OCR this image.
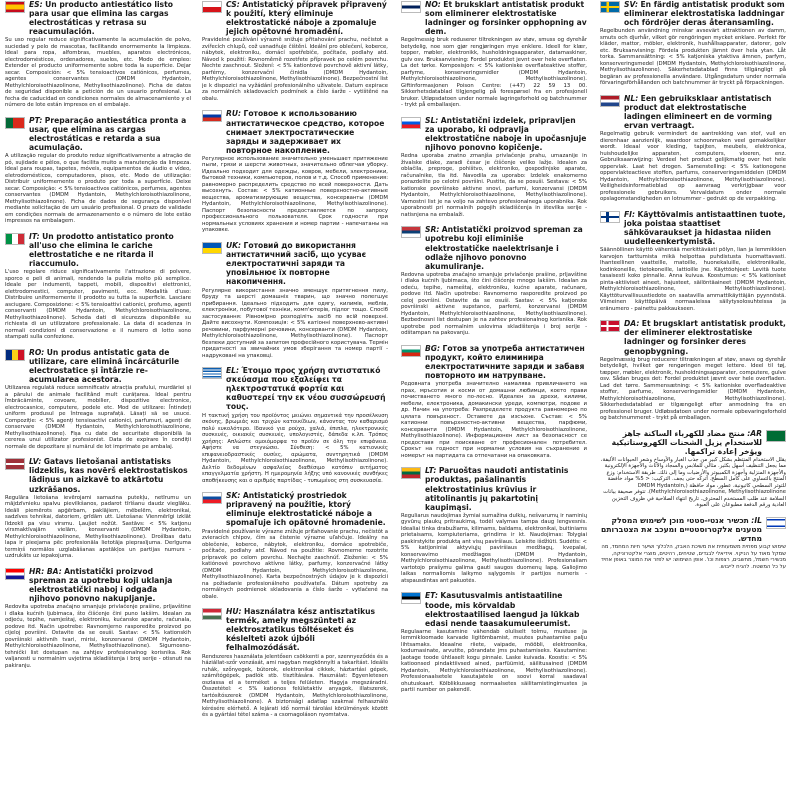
ES: Un producto antiestático listo para usar que elimina las cargas electrostáticas y retrasa su reacumulación.
Su uso regular reduce significativamente la acumulación de polvo, suciedad y pelo de mascotas, facilitando enormemente la limpieza. Ideal para ropa, alfombras, muebles, aparatos electrónicos, electrodomésticos, ordenadores, suelos, etc. Modo de empleo: Extender el producto uniformemente sobre toda la superficie. Dejar secar. Composición: < 5% tensioactivos catiónicos, perfumes, agentes conservantes (DMDM Hydantoin, Methylchloroisothiazolinone, Methylisothiazolinone). Ficha de datos de seguridad disponible a petición de un usuario profesional. La fecha de caducidad en condiciones normales de almacenamiento y el número de lote están impresos en el embalaje.
PT: Preparação antiestática pronta a usar, que elimina as cargas electrostáticas e retarda a sua acumulação.
A utilização regular do produto reduz significativamente a atração de pó, sujidade e pêlos, o que facilita muito a manutenção da limpeza. Ideal para roupas, tapetes, móveis, equipamentos de áudio e vídeo, eletrodomésticos, computadores, pisos, etc. Modo de utilização: Distribuir uniformemente o produto por toda a superfície. Deixe secar. Composição: < 5% tensioactivos catiónicos, perfumes, agentes conservantes (DMDM Hydantoin, Methylchloroisothiazolinone, Methylisothiazolinone). Ficha de dados de segurança disponível mediante solicitação de um usuário profissional. O prazo de validade em condições normais de armazenamento e o número de lote estão impressos na embalagem.
IT: Un prodotto antistatico pronto all'uso che elimina le cariche elettrostatiche e ne ritarda il riaccumulo.
L'uso regolare riduce significativamente l'attrazione di polvere, sporco e peli di animali, rendendo la pulizia molto più semplice. Ideale per indumenti, tappeti, mobili, dispositivi elettronici, elettrodomestici, computer, pavimenti, ecc. Modalità d'uso: Distribuire uniformemente il prodotto su tutta la superficie. Lasciare asciugare. Composizione: < 5% tensioattivi cationici, profumo, agenti conservanti (DMDM Hydantoin, Methylchloroisothiazolinone, Methylisothiazolinone). Scheda dati di sicurezza disponibile su richiesta di un utilizzatore professionale. La data di scadenza in normali condizioni di conservazione e il numero di lotto sono stampati sulla confezione.
RO: Un produs antistatic gata de utilizare, care elimină încărcăturile electrostatice și întârzie re-acumularea acestora.
Utilizarea regulată reduce semnificativ atracția prafului, murdăriei și a părului de animale facilitând mult curățarea. Ideal pentru îmbrăcăminte, covoare, mobilier, dispozitive electronice, electrocasnice, computere, podele etc. Mod de utilizare: Întindeți uniform produsul pe întreaga suprafață. Lăsați să se usuce. Compoziție: < 5% agenți tensioactivi cationici, parfumuri, agenți de conservare (DMDM Hydantoin, Methylchloroisothiazolinone, Methylisothiazolinone). Fișa cu date de securitate disponibilă la cererea unui utilizator profesionist. Data de expirare în condiții normale de depozitare și numărul de lot imprimate pe ambalaj.
LV: Gatavs lietošanai antistatisks līdzeklis, kas novērš elektrostatiskos lādiņus un aizkavē to atkārtotu uzkrāšanos.
Regulāra lietošana ievērojami samazina putekļu, netīrumu un mājdzīvnieku spalvu pievilkšanos, padarot tīrīšanu daudz vieglāku. Ideāli piemērots apģērbam, paklājiem, mēbelēm, elektronikai, sadzīves tehnikai, datoriem, grīdām utt. Lietošana: Vienmērīgi izklāt līdzekli pa visu virsmu. Ļaujiet nožūt. Sastāvs: < 5% katjonu virsmaktīvajām vielām, konservanti (DMDM Hydantoin, Methylchloroisothiazolinone, Methylisothiazolinone). Drošības datu lapa ir pieejama pēc profesionāla lietotāja pieprasījuma. Derīguma termiņš normālos uzglabāšanas apstākļos un partijas numurs - uzdrukāts uz iepakojuma.
HR: BA: Antistatički proizvod spreman za upotrebu koji uklanja elektrostatički naboj i odgađa njihovo ponovno nakupljanje.
Redovita upotreba značajno smanjuje privlačenje prašine, prljavštine i dlaka kućnih ljubimaca, što čišćenje čini puno lakšim. Idealan za odjeću, tepihe, namještaj, elektroniku, kućanske aparate, računala, podove itd. Način upotrebe: Ravnomjerno rasporedite proizvod po cijeloj površini. Ostavite da se osuši. Sastav: < 5% kationskih površinski aktivnih tvari, mirisi, konzervansi (DMDM Hydantoin, Methylchloroisothiazolinone, Methylisothiazolinone). Sigurnosno-tehnički list dostupan na zahtjev profesionalnog korisnika. Rok valjanosti u normalnim uvjetima skladištenja i broj serije - otisnuti na pakiranju.
CS: Antistatický přípravek připravený k použití, který eliminuje elektrostatické náboje a zpomaluje jejich opětovné hromadění.
Pravidelné používání výrazně snižuje přitahování prachu, nečistot a zvířecích chlupů, což usnadňuje čištění. Ideální pro oblečení, koberce, nábytek, elektroniku, domácí spotřebiče, počítače, podlahy atd. Návod k použití: Rovnoměrně rozetřete přípravek po celém povrchu. Nechte zaschnout. Složení: < 5% kationtové povrchově aktivní látky, parfémy, konzervační činidla (DMDM Hydantoin, Methylchloroisothiazolinone, Methylisothiazolinone). Bezpečnostní list je k dispozici na vyžádání profesionálního uživatele. Datum expirace za normálních skladovacích podmínek a číslo šarže - vytištěné na obalu.
RU: Готовое к использованию антистатическое средство, которое снимает электростатические заряды и задерживает их повторное накопление.
Регулярное использование значительно уменьшает притяжение пыли, грязи и шерсти животных, значительно облегчая уборку. Идеально подходит для одежды, ковров, мебели, электроники, бытовой техники, компьютеров, полов и т.д. Способ применения: равномерно распределить средство по всей поверхности. Дать высохнуть. Состав: < 5% катионные поверхностно-активные вещества, ароматизирующие вещества, консерванты (DMDM Hydantoin, Methylchloroisothiazolinone, Methylisothiazolinone). Паспорт безопасности предоставляется по запросу профессионального пользователя. Срок годности при нормальных условиях хранения и номер партии - напечатаны на упаковке.
UK: Готовий до використання антистатичний засіб, що усуває електростатичні заряди та уповільнює їх повторне накопичення.
Регулярне використання значно зменшує притягнення пилу, бруду та шерсті домашніх тварин, що значно полегшує прибирання. Ідеально підходить для одягу, килимів, меблів, електроніки, побутової техніки, комп'ютерів, підлог тощо. Спосіб застосування: Рівномірно розподіліть засіб по всій поверхні. Дайте висохнути. Композиція: < 5% катіонні поверхнево-активні речовини, парфумерні речовини, консерванти (DMDM Hydantoin, Methylchloroisothiazolinone, Methylisothiazolinone). Паспорт безпеки доступний за запитом професійного користувача. Термін придатності за звичайних умов зберігання та номер партії - надруковані на упаковці.
EL: Έτοιμο προς χρήση αντιστατικό σκεύασμα που εξαλείφει τα ηλεκτροστατικά φορτία και καθυστερεί την εκ νέου συσσώρευσή τους.
Η τακτική χρήση του προϊόντος μειώνει σημαντικά την προσέλκυση σκόνης, βρωμιάς και τριχών κατοικίδιων, κάνοντας τον καθαρισμό πολύ ευκολότερο. Ιδανικό για ρούχα, χαλιά, έπιπλα, ηλεκτρονικές συσκευές, οικιακές συσκευές, υπολογιστές, δάπεδα κ.λπ. Τρόπος χρήσης: Απλώστε ομοιόμορφα το προϊόν σε όλη την επιφάνεια. Αφήστε να στεγνώσει. Σύνθεση: < 5% κατιονικές επιφανειοδραστικές ουσίες, αρώματα, συντηρητικά (DMDM Hydantoin, Methylchloroisothiazolinone, Methylisothiazolinone). Δελτίο δεδομένων ασφαλείας διαθέσιμο κατόπιν αιτήματος επαγγελματία χρήστη. Η ημερομηνία λήξης υπό κανονικές συνθήκες αποθήκευσης και ο αριθμός παρτίδας - τυπωμένος στη συσκευασία.
SK: Antistatický prostriedok pripravený na použitie, ktorý eliminuje elektrostatické náboje a spomaľuje ich opätovné hromadenie.
Pravidelné používanie výrazne znižuje priťahovanie prachu, nečistôt a zvieracích chlpov, čím sa čistenie výrazne uľahčuje. Ideálny na oblečenie, koberce, nábytok, elektroniku, domáce spotrebiče, počítače, podlahy atď. Návod na použitie: Rovnomerne rozotrite prípravok po celom povrchu. Nechajte zaschnúť. Zloženie: < 5% katiónové povrchovo aktívne látky, parfumy, konzervačné látky (DMDM Hydantoin, Methylchloroisothiazolinone, Methylisothiazolinone). Karta bezpečnostných údajov je k dispozícii na požiadanie profesionálneho používateľa. Dátum spotreby za normálnych podmienok skladovania a číslo šarže - vytlačené na obale.
HU: Használatra kész antisztatikus termék, amely megszünteti az elektrosztatikus töltéseket és késlelteti azok újbóli felhalmozódását.
Rendszeres használata jelentősen csökkenti a por, szennyeződés és a háziállat-szőr vonzását, ami nagyban megkönnyíti a takarítást. Ideális ruhák, szőnyegek, bútorok, elektronikai cikkek, háztartási gépek, számítógépek, padlók stb. tisztítására. Használat: Egyenletesen oszlassa el a terméket a teljes felületen. Hagyja megszáradni. Összetétel: < 5% kationos felületaktív anyagok, illatszerek, tartósítószerek (DMDM Hydantoin, Methylchloroisothiazolinone, Methylisothiazolinone). A biztonsági adatlap szakmai felhasználó kérésére elérhető. A lejárati idő normál tárolási körülmények között és a gyártási tétel száma - a csomagoláson nyomtatva.
NO: Et bruksklart antistatisk produkt som eliminerer elektrostatiske ladninger og forsinker opphopning av dem.
Regelmessig bruk reduserer tiltrekningen av støv, smuss og dyrehår betydelig, noe som gjør rengjøringen mye enklere. Ideell for klær, tepper, møbler, elektronikk, husholdningsapparater, datamaskiner, gulv osv. Bruksanvisning: Fordel produktet jevnt over hele overflaten. La det tørke. Komposisjon: < 5% kationiske overflateaktive stoffer, parfyme, konserveringsmidler (DMDM Hydantoin, Methylchloroisothiazolinone, Methylisothiazolinone). Giftinformasjonen Poison Centre: (+47) 22 59 13 00. Sikkerhetsdatablad tilgjengelig på forespørsel fra en profesjonell bruker. Utløpsdatoen under normale lagringsforhold og batchnummer - trykt på emballasjen.
SL: Antistatični izdelek, pripravljen za uporabo, ki odpravlja elektrostatične naboje in upočasnjuje njihovo ponovno kopičenje.
Redna uporaba znatno zmanjša privlačenje prahu, umazanije in živalske dlake, zaradi česar je čiščenje veliko lažje. Idealen za oblačila, preproge, pohištvo, elektroniko, gospodinjske aparate, računalnike, tla itd. Navodila za uporabo: Izdelek enakomerno porazdelite po celotni površini. Pustite, da se posuši. Sestava: < 5% kationske površinsko aktivne snovi, parfumi, konzervansi (DMDM Hydantoin, Methylchloroisothiazolinone, Methylisothiazolinone). Varnostni list je na voljo na zahtevo profesionalnega uporabnika. Rok uporabnosti pri normalnih pogojih skladiščenja in številka serije - natisnjena na embalaži.
SR: Antistatički proizvod spreman za upotrebu koji eliminiše elektrostatičke naelektrisanje i odlaže njihovo ponovno akumuliranje.
Redovna upotreba značajno smanjuje privlačenje prašine, prljavštine i dlaka kućnih ljubimaca, što čini čišćenje mnogo lakšim. Idealan za odeću, tepihe, nameštaj, elektroniku, kućne aparate, računare, podove itd. Način upotrebe: Ravnomerno rasporedite proizvod po celoj površini. Ostavite da se osuši. Sastav: < 5% katjonske površinski aktivne supstance, parfemi, konzervansi (DMDM Hydantoin, Methylchloroisothiazolinone, Methylisothiazolinone). Bezbednosni list dostupan je na zahtev profesionalnog korisnika. Rok upotrebe pod normalnim uslovima skladištenja i broj serije - odštampan na pakovanju.
BG: Готов за употреба антистатичен продукт, който елиминира електростатичните заряди и забавя повторното им натрупване.
Редовната употреба значително намалява привличането на прах, мръсотия и косми от домашни любимци, което прави почистването много по-лесно. Идеален за дрехи, килими, мебели, електроника, домакински уреди, компютри, подове и др. Начин на употреба: Разпределете продукта равномерно по цялата повърхност. Оставете да изсъхне. Състав: < 5% катионни повърхностно-активни вещества, парфюми, консерванти (DMDM Hydantoin, Methylchloroisothiazolinone, Methylisothiazolinone). Информационен лист за безопасност се предоставя при поискване от професионален потребител. Срокът на годност при нормални условия на съхранение и номерът на партидата са отпечатани на опаковката.
LT: Paruoštas naudoti antistatinis produktas, pašalinantis elektrostatinius krūvius ir atitolinantis jų pakartotinį kaupimąsi.
Reguliarus naudojimas žymiai sumažina dulkių, nešvarumų ir naminių gyvūnų plaukų pritraukimą, todėl valymas tampa daug lengvesnis. Idealiai tinka drabužiams, kilimams, baldams, elektronikai, buitiniams prietaisams, kompiuteriams, grindims ir kt. Naudojimas: Tolygiai paskirstykite produktą ant visų paviršiaus. Leiskite išdžiūti. Sudėtis: < 5% katijoniniai aktyviųjų paviršiaus medžiagų, kvepalai, konservavimo medžiagos (DMDM Hydantoin, Methylchloroisothiazolinone, Methylisothiazolinone). Profesionaliam vartotojo prašymu galima gauti saugos duomenų lapą. Galiojimo laikas normaliomis laikymo sąlygomis ir partijos numeris - atspausdintas ant pakuotės.
ET: Kasutusvalmis antistaatiline toode, mis kõrvaldab elektrostaatilised laengud ja lükkab edasi nende taasakumuleerumist.
Regulaarne kasutamine vähendab oluliselt tolmu, mustuse ja lemmikloomade karvade ligitõmbamist, muutes puhastamise palju lihtsamaks. Ideaalne riiete, vaipade, mööbli, elektroonika, kodumasinate, arvutite, põrandate jms puhastamiseks. Kasutamine: Jaotage toode ühtlaselt kogu pinnale. Laske kuivada. Koostis: < 5% katioonsed pindaktiivsed ained, parfüümid, säilitusained (DMDM Hydantoin, Methylchloroisothiazolinone, Methylisothiazolinone). Professionaalsetele kasutajatele on soovi korral saadaval ohutuskaart. Kõlblikkusaeg normaalsetes säilitamistingimustes ja partii number on pakendil.
SV: En färdig antistatisk produkt som eliminerar elektrostatiska laddningar och fördröjer deras återansamling.
Regelbunden användning minskar avsevärt attraktionen av damm, smuts och djurhår, vilket gör rengöringen mycket enklare. Perfekt för kläder, mattor, möbler, elektronik, hushållsapparater, datorer, golv etc. Bruksanvisning: Fördela produkten jämnt över hela ytan. Låt torka. Sammansättning: < 5% katjoniska ytaktiva ämnen, parfym, konserveringsmedel (DMDM Hydantoin, Methylchloroisothiazolinone, Methylisothiazolinone). Säkerhetsdatablad finns tillgängligt på begäran av professionella användare. Utgångsdatum under normala förvaringsförhållanden och batchnummer är tryckt på förpackningen.
NL: Een gebruiksklaar antistatisch product dat elektrostatische ladingen elimineert en de vorming ervan vertraagt.
Regelmatig gebruik vermindert de aantrekking van stof, vuil en dierenhaar aanzienlijk, waardoor schoonmaken veel gemakkelijker wordt. Ideaal voor kleding, tapijten, meubels, elektronica, huishoudelijke apparaten, computers, vloeren, enz. Gebruiksaanwijzing: Verdeel het product gelijkmatig over het hele oppervlak. Laat het drogen. Samenstelling: < 5% kationogene oppervlakteactieve stoffen, parfums, conserveringsmiddelen (DMDM Hydantoin, Methylchloroisothiazolinone, Methylisothiazolinone). Veiligheidsinformatieblad op aanvraag verkrijgbaar voor professionele gebruikers. Vervaldatum onder normale opslagomstandigheden en lotnummer - gedrukt op de verpakking.
FI: Käyttövalmis antistaattinen tuote, joka poistaa staattiset sähkövaraukset ja hidastaa niiden uudelleenkertymistä.
Säännöllinen käyttö vähentää merkittävästi pölyn, lian ja lemmikkien karvojen tarttumista mikä helpottaa puhdistusta huomattavasti. Ihanteellinen vaatteille, matoille, huonekaluille, elektroniikalle, kodinkoneille, tietokoneille, lattioille jne. Käyttöohjeet: Levitä tuote tasaisesti koko pinnalle. Anna kuivua. Koostumus: < 5% kationiset pinta-aktiiviset aineet, hajusteet, säilöntäaineet (DMDM Hydantoin, Methylchloroisothiazolinone, Methylisothiazolinone). Käyttöturvallisuustiedote on saatavilla ammattikäyttäjän pyynnöstä. Viimeinen käyttöpäivä normaaleissa säilytysolosuhteissa ja eränumero - painettu pakkaukseen.
DA: Et brugsklart antistatisk produkt, der eliminerer elektrostatiske ladninger og forsinker deres genopbygning.
Regelmæssig brug reducerer tiltrækningen af støv, snavs og dyrehår betydeligt, hvilket gør rengøringen meget lettere. Ideel til tøj, tæpper, møbler, elektronik, husholdningsapparater, computere, gulve osv. Sådan bruges det: Fordel produktet jævnt over hele overfladen. Lad det tørre. Sammensætning: < 5% kationiske overfladeaktive stoffer, parfume, konserveringsmidler (DMDM Hydantoin, Methylchloroisothiazolinone, Methylisothiazolinone). Sikkerhedsdatablad er tilgængeligt efter anmodning fra en professionel bruger. Udløbsdatoen under normale opbevaringsforhold og batchnummeret - trykt på emballagen.
AR: منتج مضاد للكهرباء الساكنة جاهز للاستخدام يزيل الشحنات الكهروستاتيكية ويؤخر إعادة تراكمها.
يقلل الاستخدام المنتظم بشكل كبير من جذب الغبار والأوساخ وشعر الحيوانات الأليفة، مما يجعل التنظيف أسهل بكثير. مثالي للملابس والسجاد والأثاث والأجهزة الإلكترونية والأجهزة المنزلية وأجهزة الكمبيوتر والأرضيات وما إلى ذلك. طريقة الاستخدام: وزع المنتج بالتساوي على كامل السطح. اتركه حتى يجف. التركيب: < 5% مواد خافضة للتوتر السطحي كاتيونية، عطور، مواد حافظة (DMDM Hydantoin, Methylchloroisothiazolinone, Methylisothiazolinone). تتوفر صحيفة بيانات السلامة عند طلب المستخدم المحترف. تاريخ انتهاء الصلاحية في ظروف التخزين العادية ورقم الدفعة مطبوعان على العبوة.
IL: תכשיר אנטי-סטטי מוכן לשימוש המסלק מטענים אלקטרוסטטיים ומעכב את הצטברותם מחדש.
שימוש קבוע מפחית משמעותית את משיכת האבק, הלכלוך ושיער חיות המחמד, מה שמקל מאוד על הניקוי. אידיאלי לבגדים, שטיחים, רהיטים, מוצרי אלקטרוניקה, מכשירי חשמל, מחשבים, רצפות וכו'. אופן השימוש: יש לפזר את המוצר באופן אחיד על כל המשטח. להניח לייבוש.
